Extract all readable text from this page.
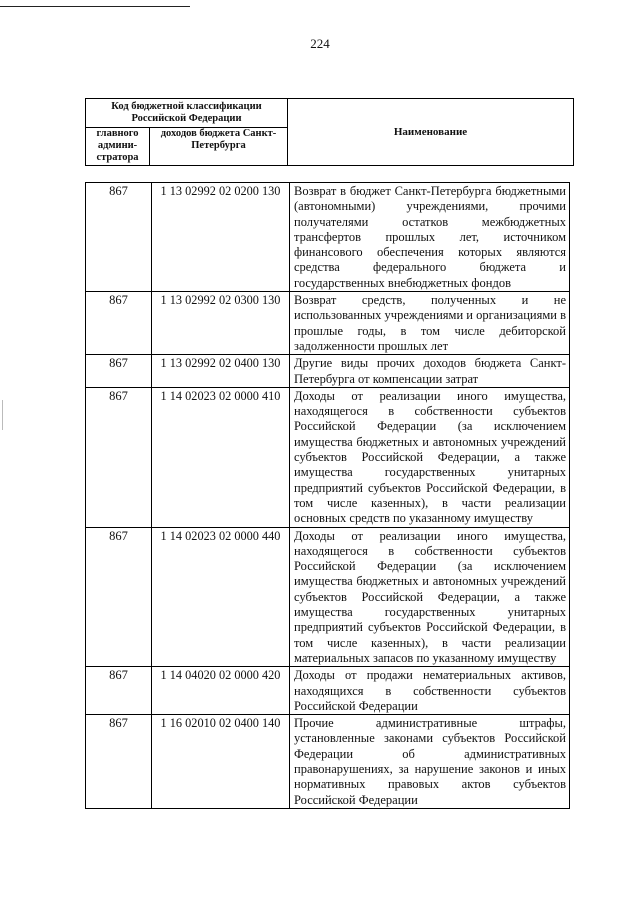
224
Код бюджетной классификации Российской Федерации		Наименование
главного админи-стратора	доходов бюджета Санкт-Петербурга	
867	1 13 02992 02 0200 130	Возврат в бюджет Санкт-Петербурга бюджетными (автономными) учреждениями, прочими получателями остатков межбюджетных трансфертов прошлых лет, источником финансового обеспечения которых являются средства федерального бюджета и государственных внебюджетных фондов
867	1 13 02992 02 0300 130	Возврат средств, полученных и не использованных учреждениями и организациями в прошлые годы, в том числе дебиторской задолженности прошлых лет
867	1 13 02992 02 0400 130	Другие виды прочих доходов бюджета Санкт-Петербурга от компенсации затрат
867	1 14 02023 02 0000 410	Доходы от реализации иного имущества, находящегося в собственности субъектов Российской Федерации (за исключением имущества бюджетных и автономных учреждений субъектов Российской Федерации, а также имущества государственных унитарных предприятий субъектов Российской Федерации, в том числе казенных), в части реализации основных средств по указанному имуществу
867	1 14 02023 02 0000 440	Доходы от реализации иного имущества, находящегося в собственности субъектов Российской Федерации (за исключением имущества бюджетных и автономных учреждений субъектов Российской Федерации, а также имущества государственных унитарных предприятий субъектов Российской Федерации, в том числе казенных), в части реализации материальных запасов по указанному имуществу
867	1 14 04020 02 0000 420	Доходы от продажи нематериальных активов, находящихся в собственности субъектов Российской Федерации
867	1 16 02010 02 0400 140	Прочие административные штрафы, установленные законами субъектов Российской Федерации об административных правонарушениях, за нарушение законов и иных нормативных правовых актов субъектов Российской Федерации
